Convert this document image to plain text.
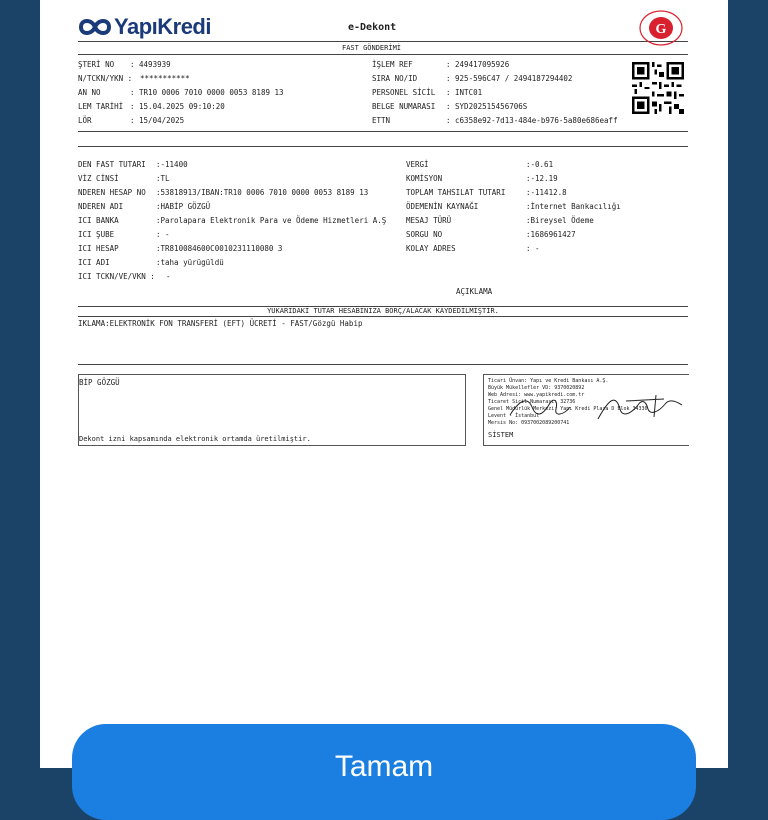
YapıKredi	e-Dekont
FAST GÖNDERİMİ
G
ŞTERİ NO : 4493939
N/TCKN/YKN : ***********
AN NO	: TR10 0006 7010 0000 0053 8189 13
LEM TARİHİ : 15.04.2025 09:10:20
LÖR	: 15/04/2025
İŞLEM REF	: 249417095926
SIRA NO/ID	: 925-596C47 / 2494187294402
PERSONEL SİCİL : INTC01
BELGE NUMARASI : SYD202515456706S
ETTN	: c6358e92-7d13-484e-b976-5a80e686eaff
DEN FAST TUTARI :-11400
VİZ CİNSİ	:TL
NDEREN HESAP NO :53818913/IBAN:TR10 0006 7010 0000 0053 8189 13
NDEREN ADI	:HABİP GÖZGÜ
ICI BANKA	:Parolapara Elektronik Para ve Ödeme Hizmetleri A.Ş
ICI ŞUBE	: -
ICI HESAP	:TR810084600C0010231110080 3
ICI ADI	:taha yürügüldü
ICI TCKN/VE/VKN : -
VERGİ	:-0.61
KOMİSYON	:-12.19
TOPLAM TAHSILAT TUTARI	:-11412.8
ÖDEMENİN KAYNAĞI	:İnternet Bankacılığı
MESAJ TÜRÜ	:Bireysel Ödeme
SORGU NO	:1686961427
KOLAY ADRES	: -
AÇIKLAMA
YUKARIDAKİ TUTAR HESABINIZA BORÇ/ALACAK KAYDEDİLMİŞTİR.
IKLAMA:ELEKTRONİK FON TRANSFERİ (EFT) ÜCRETİ - FAST/Gözgü Habip
BİP GÖZGÜ
Dekont izni kapsamında elektronik ortamda üretilmiştir.
Ticari Ünvan: Yapı ve Kredi Bankası A.Ş.
Büyük Mükellefler VD: 9370020892
Web Adresi: www.yapikredi.com.tr
Ticaret Sicil Numarası: 32736
Genel Müdürlük Merkezi: Yapı Kredi Plaza D Blok 34330
Levent - İstanbul
Mersis No: 0937002089200741
SİSTEM
Tamam
